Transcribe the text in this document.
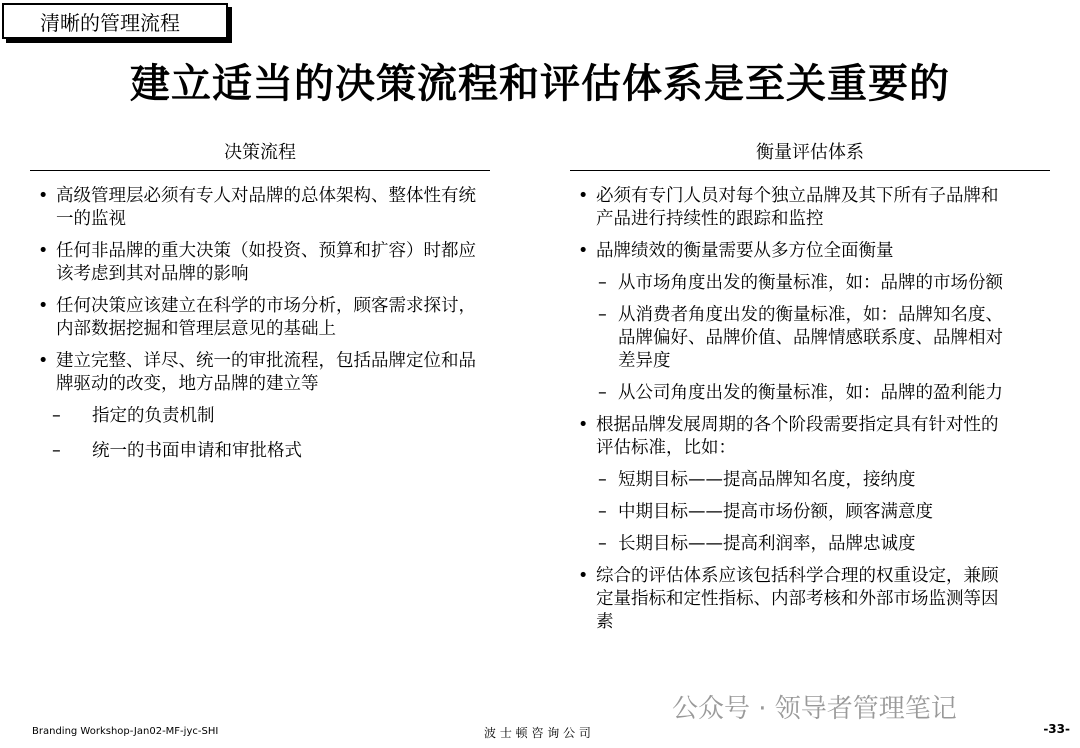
清晰的管理流程
建立适当的决策流程和评估体系是至关重要的
决策流程
• 高级管理层必须有专人对品牌的总体架构、整体性有统一的监视
• 任何非品牌的重大决策（如投资、预算和扩容）时都应该考虑到其对品牌的影响
• 任何决策应该建立在科学的市场分析，顾客需求探讨，内部数据挖掘和管理层意见的基础上
• 建立完整、详尽、统一的审批流程，包括品牌定位和品牌驱动的改变，地方品牌的建立等
– 指定的负责机制
– 统一的书面申请和审批格式
衡量评估体系
• 必须有专门人员对每个独立品牌及其下所有子品牌和产品进行持续性的跟踪和监控
• 品牌绩效的衡量需要从多方位全面衡量
– 从市场角度出发的衡量标准，如：品牌的市场份额
– 从消费者角度出发的衡量标准，如：品牌知名度、品牌偏好、品牌价值、品牌情感联系度、品牌相对差异度
– 从公司角度出发的衡量标准，如：品牌的盈利能力
• 根据品牌发展周期的各个阶段需要指定具有针对性的评估标准，比如：
– 短期目标——提高品牌知名度，接纳度
– 中期目标——提高市场份额，顾客满意度
– 长期目标——提高利润率，品牌忠诚度
• 综合的评估体系应该包括科学合理的权重设定，兼顾定量指标和定性指标、内部考核和外部市场监测等因素
公众号 · 领导者管理笔记
Branding Workshop-Jan02-MF-jyc-SHI	波 士 顿 咨 询 公 司	-33-
